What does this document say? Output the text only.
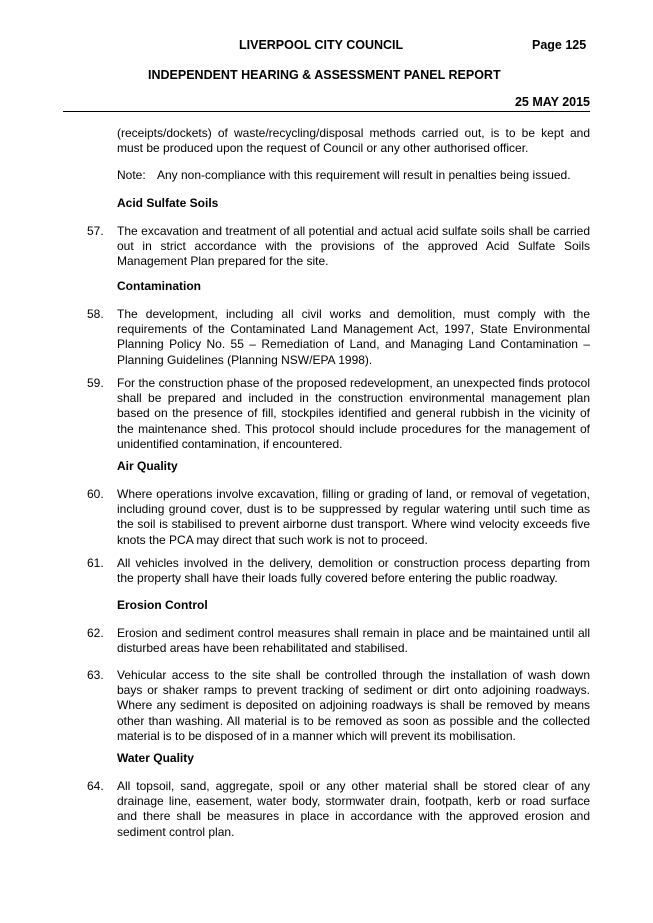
LIVERPOOL CITY COUNCIL	Page 125
INDEPENDENT HEARING & ASSESSMENT PANEL REPORT
25 MAY 2015
(receipts/dockets) of waste/recycling/disposal methods carried out, is to be kept and must be produced upon the request of Council or any other authorised officer.
Note: Any non-compliance with this requirement will result in penalties being issued.
Acid Sulfate Soils
57. The excavation and treatment of all potential and actual acid sulfate soils shall be carried out in strict accordance with the provisions of the approved Acid Sulfate Soils Management Plan prepared for the site.
Contamination
58. The development, including all civil works and demolition, must comply with the requirements of the Contaminated Land Management Act, 1997, State Environmental Planning Policy No. 55 – Remediation of Land, and Managing Land Contamination – Planning Guidelines (Planning NSW/EPA 1998).
59. For the construction phase of the proposed redevelopment, an unexpected finds protocol shall be prepared and included in the construction environmental management plan based on the presence of fill, stockpiles identified and general rubbish in the vicinity of the maintenance shed. This protocol should include procedures for the management of unidentified contamination, if encountered.
Air Quality
60. Where operations involve excavation, filling or grading of land, or removal of vegetation, including ground cover, dust is to be suppressed by regular watering until such time as the soil is stabilised to prevent airborne dust transport. Where wind velocity exceeds five knots the PCA may direct that such work is not to proceed.
61. All vehicles involved in the delivery, demolition or construction process departing from the property shall have their loads fully covered before entering the public roadway.
Erosion Control
62. Erosion and sediment control measures shall remain in place and be maintained until all disturbed areas have been rehabilitated and stabilised.
63. Vehicular access to the site shall be controlled through the installation of wash down bays or shaker ramps to prevent tracking of sediment or dirt onto adjoining roadways. Where any sediment is deposited on adjoining roadways is shall be removed by means other than washing. All material is to be removed as soon as possible and the collected material is to be disposed of in a manner which will prevent its mobilisation.
Water Quality
64. All topsoil, sand, aggregate, spoil or any other material shall be stored clear of any drainage line, easement, water body, stormwater drain, footpath, kerb or road surface and there shall be measures in place in accordance with the approved erosion and sediment control plan.
